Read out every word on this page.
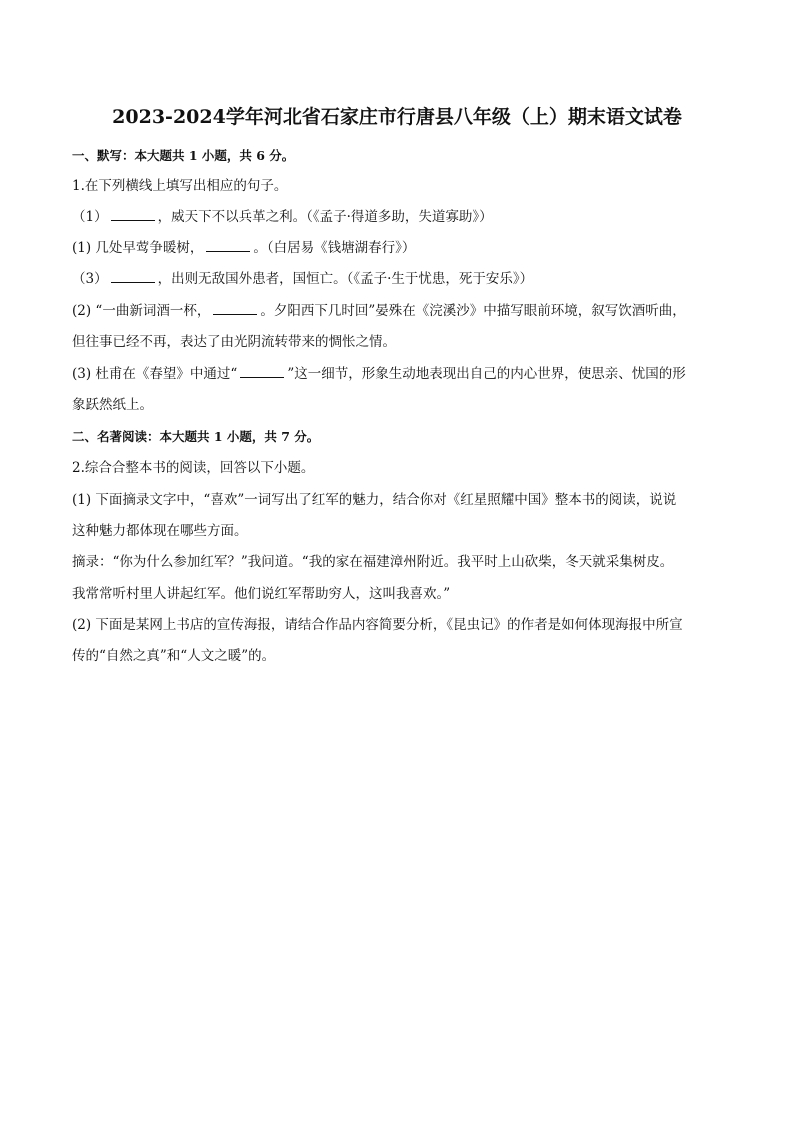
2023-2024学年河北省石家庄市行唐县八年级（上）期末语文试卷
一、默写：本大题共 1 小题，共 6 分。
1.在下列横线上填写出相应的句子。
（1）	，威天下不以兵革之利。（《孟子·得道多助，失道寡助》）
(1) 几处早莺争暖树，	。（白居易《钱塘湖春行》）
（3）	，出则无敌国外患者，国恒亡。（《孟子·生于忧患，死于安乐》）
(2) “一曲新词酒一杯，	。夕阳西下几时回”晏殊在《浣溪沙》中描写眼前环境，叙写饮酒听曲，
但往事已经不再，表达了由光阴流转带来的惆怅之情。
(3) 杜甫在《春望》中通过“	”这一细节，形象生动地表现出自己的内心世界，使思亲、忧国的形
象跃然纸上。
二、名著阅读：本大题共 1 小题，共 7 分。
2.综合合整本书的阅读，回答以下小题。
(1) 下面摘录文字中，“喜欢”一词写出了红军的魅力，结合你对《红星照耀中国》整本书的阅读，说说
这种魅力都体现在哪些方面。
摘录：“你为什么参加红军？”我问道。“我的家在福建漳州附近。我平时上山砍柴，冬天就采集树皮。
我常常听村里人讲起红军。他们说红军帮助穷人，这叫我喜欢。”
(2) 下面是某网上书店的宣传海报，请结合作品内容简要分析，《昆虫记》的作者是如何体现海报中所宣
传的“自然之真”和“人文之暖”的。
